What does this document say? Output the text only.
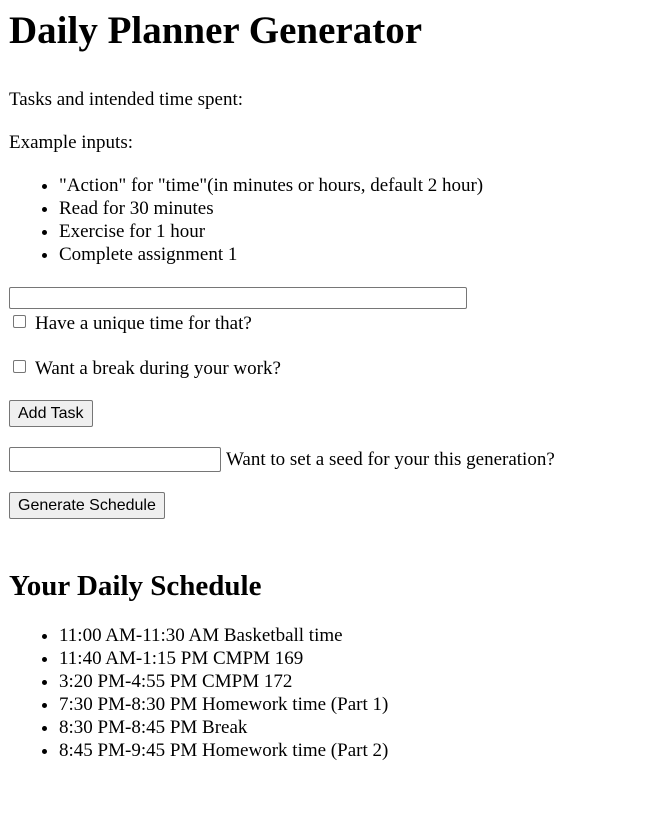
Daily Planner Generator

Tasks and intended time spent:

Example inputs:

• "Action" for "time"(in minutes or hours, default 2 hour)
• Read for 30 minutes
• Exercise for 1 hour
• Complete assignment 1
Have a unique time for that?
Want a break during your work?
Add Task
Want to set a seed for your this generation?
Generate Schedule
Your Daily Schedule
• 11:00 AM-11:30 AM Basketball time
• 11:40 AM-1:15 PM CMPM 169
• 3:20 PM-4:55 PM CMPM 172
• 7:30 PM-8:30 PM Homework time (Part 1)
• 8:30 PM-8:45 PM Break
• 8:45 PM-9:45 PM Homework time (Part 2)
